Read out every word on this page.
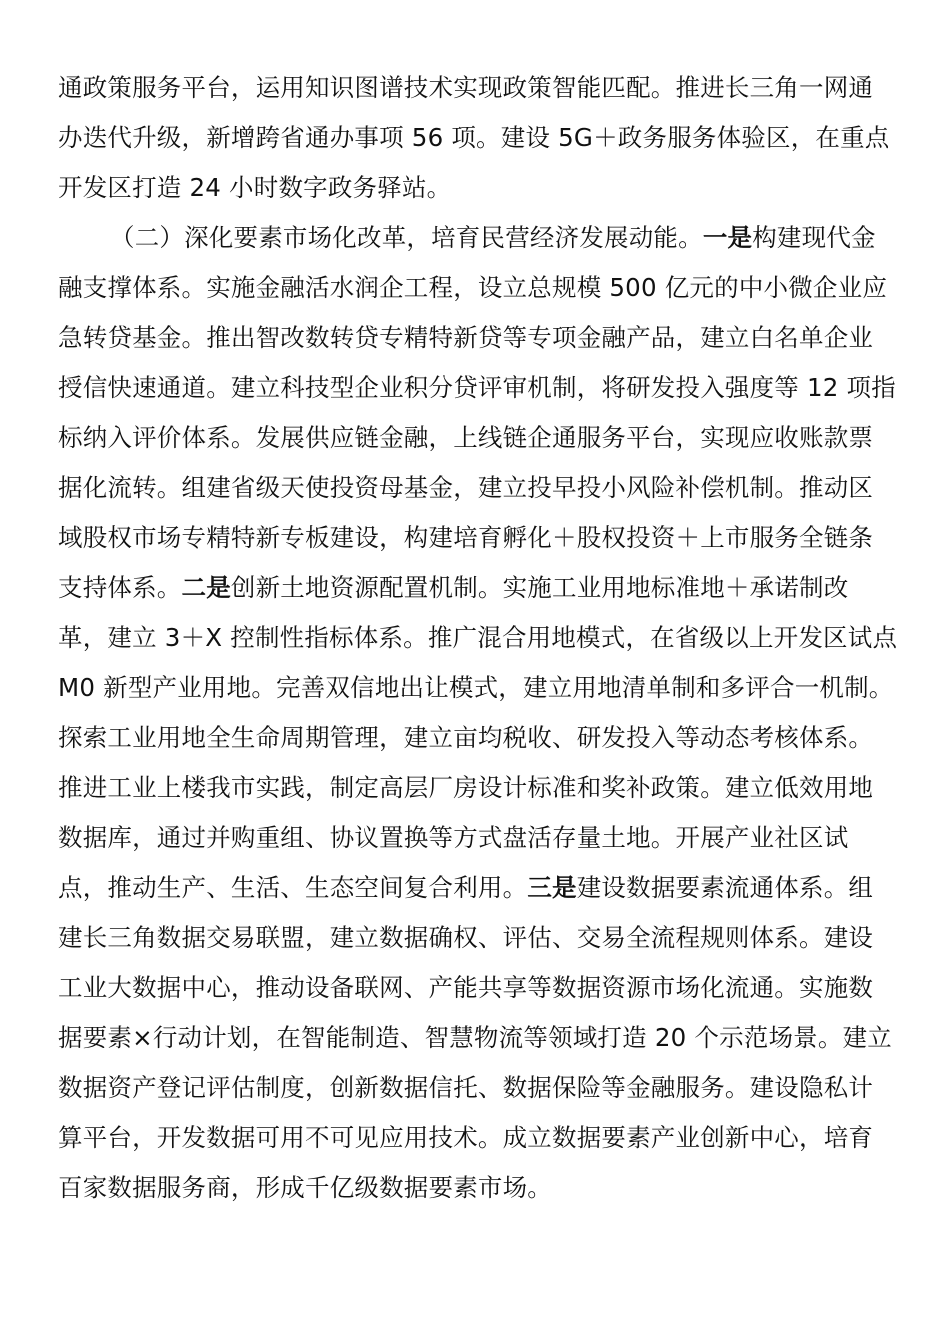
通政策服务平台，运用知识图谱技术实现政策智能匹配。推进长三角一网通
办迭代升级，新增跨省通办事项 56 项。建设 5G＋政务服务体验区，在重点
开发区打造 24 小时数字政务驿站。
（二）深化要素市场化改革，培育民营经济发展动能。一是构建现代金
融支撑体系。实施金融活水润企工程，设立总规模 500 亿元的中小微企业应
急转贷基金。推出智改数转贷专精特新贷等专项金融产品，建立白名单企业
授信快速通道。建立科技型企业积分贷评审机制，将研发投入强度等 12 项指
标纳入评价体系。发展供应链金融，上线链企通服务平台，实现应收账款票
据化流转。组建省级天使投资母基金，建立投早投小风险补偿机制。推动区
域股权市场专精特新专板建设，构建培育孵化＋股权投资＋上市服务全链条
支持体系。二是创新土地资源配置机制。实施工业用地标准地＋承诺制改
革，建立 3＋X 控制性指标体系。推广混合用地模式，在省级以上开发区试点
M0 新型产业用地。完善双信地出让模式，建立用地清单制和多评合一机制。
探索工业用地全生命周期管理，建立亩均税收、研发投入等动态考核体系。
推进工业上楼我市实践，制定高层厂房设计标准和奖补政策。建立低效用地
数据库，通过并购重组、协议置换等方式盘活存量土地。开展产业社区试
点，推动生产、生活、生态空间复合利用。三是建设数据要素流通体系。组
建长三角数据交易联盟，建立数据确权、评估、交易全流程规则体系。建设
工业大数据中心，推动设备联网、产能共享等数据资源市场化流通。实施数
据要素×行动计划，在智能制造、智慧物流等领域打造 20 个示范场景。建立
数据资产登记评估制度，创新数据信托、数据保险等金融服务。建设隐私计
算平台，开发数据可用不可见应用技术。成立数据要素产业创新中心，培育
百家数据服务商，形成千亿级数据要素市场。
